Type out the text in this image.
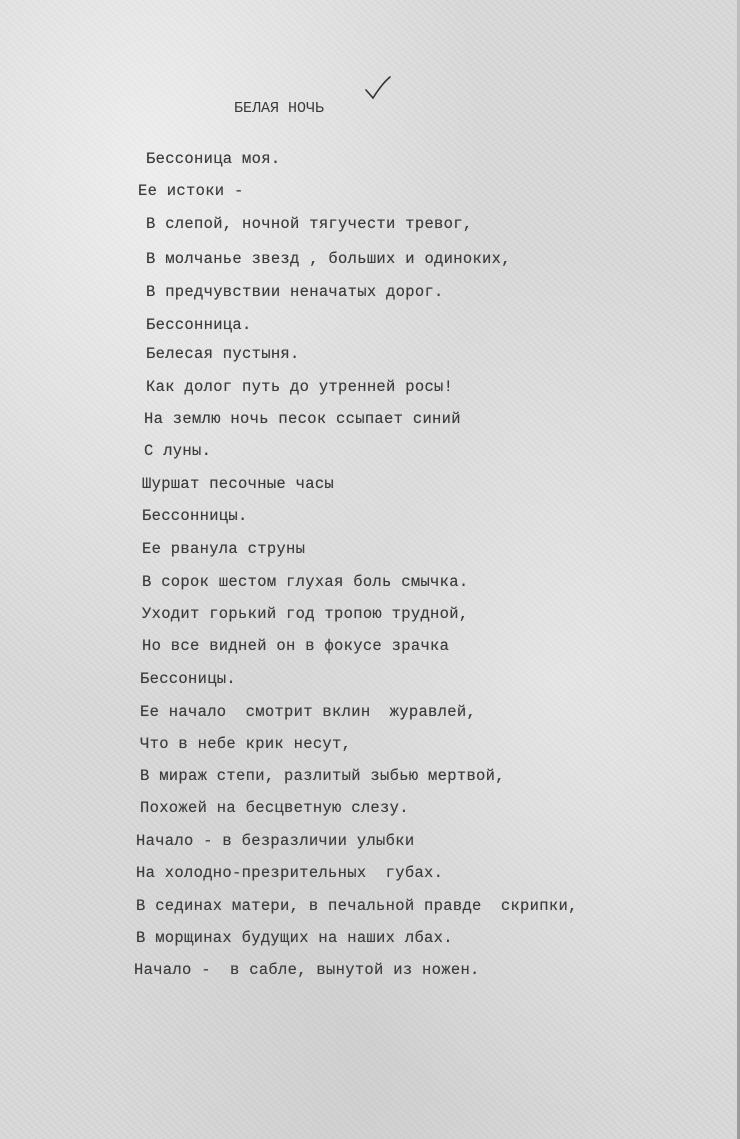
БЕЛАЯ НОЧЬ
Бессоница моя.
Ее истоки -
В слепой, ночной тягучести тревог,
В молчанье звезд , больших и одиноких,
В предчувствии неначатых дорог.
Бессонница.
Белесая пустыня.
Как долог путь до утренней росы!
На землю ночь песок ссыпает синий
С луны.
Шуршат песочные часы
Бессонницы.
Ее рванула струны
В сорок шестом глухая боль смычка.
Уходит горький год тропою трудной,
Но все видней он в фокусе зрачка
Бессоницы.
Ее начало  смотрит вклин  журавлей,
Что в небе крик несут,
В мираж степи, разлитый зыбью мертвой,
Похожей на бесцветную слезу.
Начало - в безразличии улыбки
На холодно-презрительных  губах.
В сединах матери, в печальной правде  скрипки,
В морщинах будущих на наших лбах.
Начало -  в сабле, вынутой из ножен.
